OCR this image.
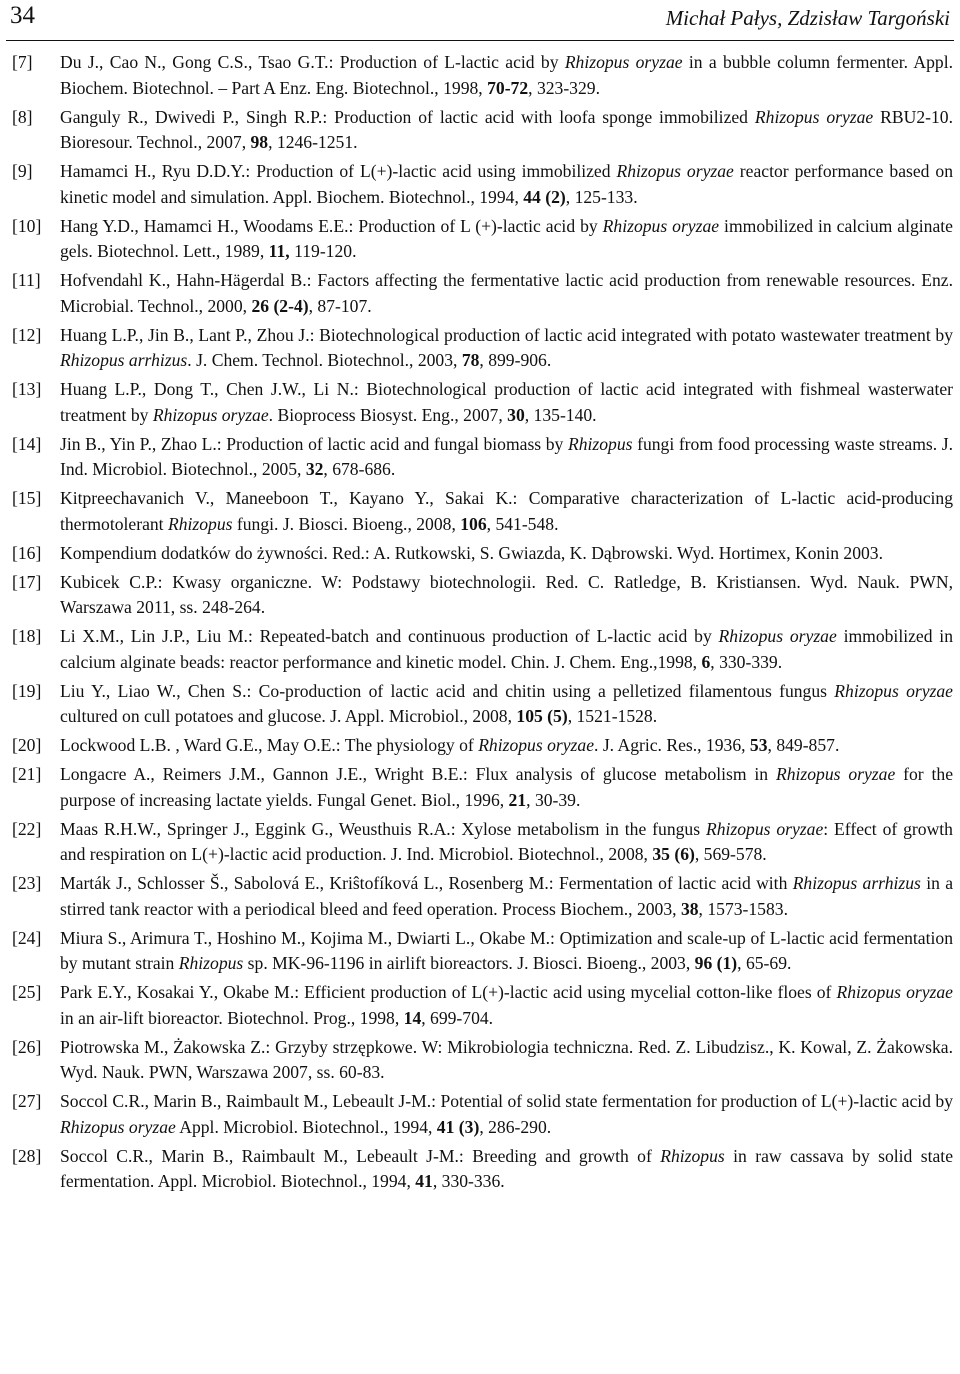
34	Michał Pałys, Zdzisław Targoński
[7] Du J., Cao N., Gong C.S., Tsao G.T.: Production of L-lactic acid by Rhizopus oryzae in a bubble column fermenter. Appl. Biochem. Biotechnol. – Part A Enz. Eng. Biotechnol., 1998, 70-72, 323-329.
[8] Ganguly R., Dwivedi P., Singh R.P.: Production of lactic acid with loofa sponge immobilized Rhizopus oryzae RBU2-10. Bioresour. Technol., 2007, 98, 1246-1251.
[9] Hamamci H., Ryu D.D.Y.: Production of L(+)-lactic acid using immobilized Rhizopus oryzae reactor performance based on kinetic model and simulation. Appl. Biochem. Biotechnol., 1994, 44 (2), 125-133.
[10] Hang Y.D., Hamamci H., Woodams E.E.: Production of L (+)-lactic acid by Rhizopus oryzae immobilized in calcium alginate gels. Biotechnol. Lett., 1989, 11, 119-120.
[11] Hofvendahl K., Hahn-Hägerdal B.: Factors affecting the fermentative lactic acid production from renewable resources. Enz. Microbial. Technol., 2000, 26 (2-4), 87-107.
[12] Huang L.P., Jin B., Lant P., Zhou J.: Biotechnological production of lactic acid integrated with potato wastewater treatment by Rhizopus arrhizus. J. Chem. Technol. Biotechnol., 2003, 78, 899-906.
[13] Huang L.P., Dong T., Chen J.W., Li N.: Biotechnological production of lactic acid integrated with fishmeal wasterwater treatment by Rhizopus oryzae. Bioprocess Biosyst. Eng., 2007, 30, 135-140.
[14] Jin B., Yin P., Zhao L.: Production of lactic acid and fungal biomass by Rhizopus fungi from food processing waste streams. J. Ind. Microbiol. Biotechnol., 2005, 32, 678-686.
[15] Kitpreechavanich V., Maneeboon T., Kayano Y., Sakai K.: Comparative characterization of L-lactic acid-producing thermotolerant Rhizopus fungi. J. Biosci. Bioeng., 2008, 106, 541-548.
[16] Kompendium dodatków do żywności. Red.: A. Rutkowski, S. Gwiazda, K. Dąbrowski. Wyd. Hortimex, Konin 2003.
[17] Kubicek C.P.: Kwasy organiczne. W: Podstawy biotechnologii. Red. C. Ratledge, B. Kristiansen. Wyd. Nauk. PWN, Warszawa 2011, ss. 248-264.
[18] Li X.M., Lin J.P., Liu M.: Repeated-batch and continuous production of L-lactic acid by Rhizopus oryzae immobilized in calcium alginate beads: reactor performance and kinetic model. Chin. J. Chem. Eng.,1998, 6, 330-339.
[19] Liu Y., Liao W., Chen S.: Co-production of lactic acid and chitin using a pelletized filamentous fungus Rhizopus oryzae cultured on cull potatoes and glucose. J. Appl. Microbiol., 2008, 105 (5), 1521-1528.
[20] Lockwood L.B. , Ward G.E., May O.E.: The physiology of Rhizopus oryzae. J. Agric. Res., 1936, 53, 849-857.
[21] Longacre A., Reimers J.M., Gannon J.E., Wright B.E.: Flux analysis of glucose metabolism in Rhizopus oryzae for the purpose of increasing lactate yields. Fungal Genet. Biol., 1996, 21, 30-39.
[22] Maas R.H.W., Springer J., Eggink G., Weusthuis R.A.: Xylose metabolism in the fungus Rhizopus oryzae: Effect of growth and respiration on L(+)-lactic acid production. J. Ind. Microbiol. Biotechnol., 2008, 35 (6), 569-578.
[23] Marták J., Schlosser Š., Sabolová E., Kriŝtofíková L., Rosenberg M.: Fermentation of lactic acid with Rhizopus arrhizus in a stirred tank reactor with a periodical bleed and feed operation. Process Biochem., 2003, 38, 1573-1583.
[24] Miura S., Arimura T., Hoshino M., Kojima M., Dwiarti L., Okabe M.: Optimization and scale-up of L-lactic acid fermentation by mutant strain Rhizopus sp. MK-96-1196 in airlift bioreactors. J. Biosci. Bioeng., 2003, 96 (1), 65-69.
[25] Park E.Y., Kosakai Y., Okabe M.: Efficient production of L(+)-lactic acid using mycelial cotton-like floes of Rhizopus oryzae in an air-lift bioreactor. Biotechnol. Prog., 1998, 14, 699-704.
[26] Piotrowska M., Żakowska Z.: Grzyby strzępkowe. W: Mikrobiologia techniczna. Red. Z. Libudzisz., K. Kowal, Z. Żakowska. Wyd. Nauk. PWN, Warszawa 2007, ss. 60-83.
[27] Soccol C.R., Marin B., Raimbault M., Lebeault J-M.: Potential of solid state fermentation for production of L(+)-lactic acid by Rhizopus oryzae Appl. Microbiol. Biotechnol., 1994, 41 (3), 286-290.
[28] Soccol C.R., Marin B., Raimbault M., Lebeault J-M.: Breeding and growth of Rhizopus in raw cassava by solid state fermentation. Appl. Microbiol. Biotechnol., 1994, 41, 330-336.
